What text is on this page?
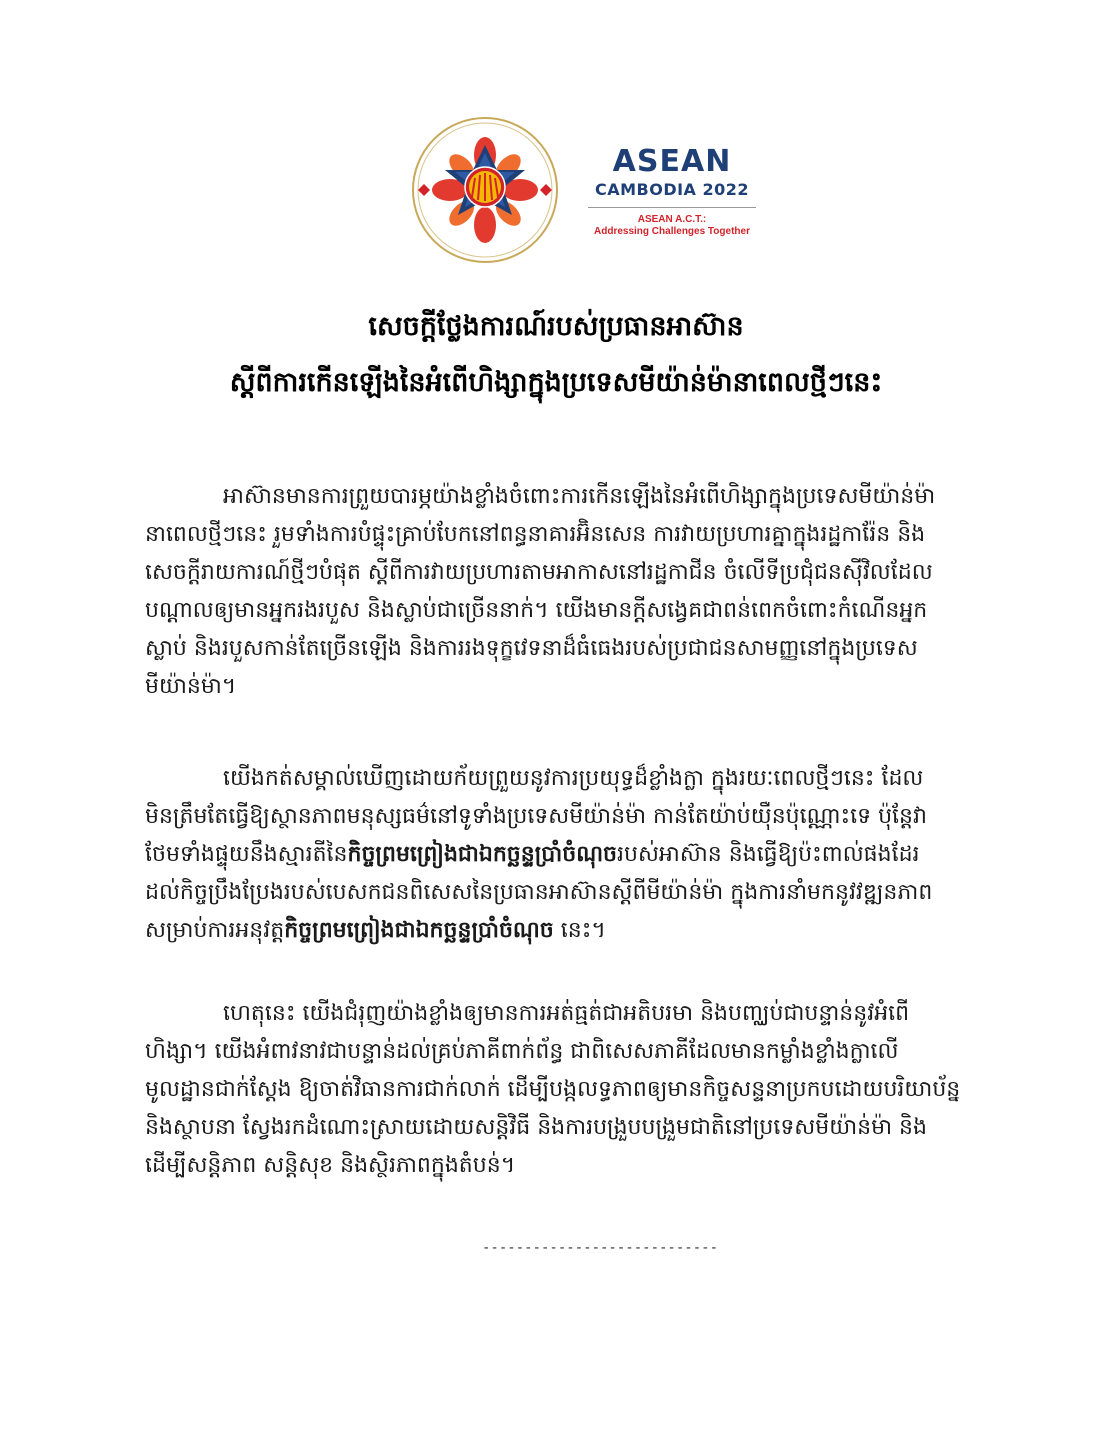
ASEAN
CAMBODIA 2022
ASEAN A.C.T.:
Addressing Challenges Together
សេចក្តីថ្លែងការណ៍របស់ប្រធានអាស៊ាន
ស្តីពីការកើនឡើងនៃអំពើហិង្សាក្នុងប្រទេសមីយ៉ាន់ម៉ានាពេលថ្មីៗនេះ
អាស៊ានមានការព្រួយបារម្ភយ៉ាងខ្លាំងចំពោះការកើនឡើងនៃអំពើហិង្សាក្នុងប្រទេសមីយ៉ាន់ម៉ា
នាពេលថ្មីៗនេះ រួមទាំងការបំផ្ទុះគ្រាប់បែកនៅពន្ធនាគារអ៊ិនសេន ការវាយប្រហារគ្នាក្នុងរដ្ឋការ៉ែន និង
សេចក្តីរាយការណ៍ថ្មីៗបំផុត ស្តីពីការវាយប្រហារតាមអាកាសនៅរដ្ឋកាជីន ចំលើទីប្រជុំជនស៊ីវិលដែល
បណ្តាលឲ្យមានអ្នករងរបួស និងស្លាប់ជាច្រើននាក់។ យើងមានក្តីសង្វេគជាពន់ពេកចំពោះកំណើនអ្នក
ស្លាប់ និងរបួសកាន់តែច្រើនឡើង និងការរងទុក្ខវេទនាដ៏ធំធេងរបស់ប្រជាជនសាមញ្ញនៅក្នុងប្រទេស
មីយ៉ាន់ម៉ា។
យើងកត់សម្គាល់ឃើញដោយក័យព្រួយនូវការប្រយុទ្ធដ៏ខ្លាំងក្លា ក្នុងរយៈពេលថ្មីៗនេះ ដែល
មិនត្រឹមតែធ្វើឱ្យស្ថានភាពមនុស្សធម៌នៅទូទាំងប្រទេសមីយ៉ាន់ម៉ា កាន់តែយ៉ាប់យ៉ឺនប៉ុណ្ណោះទេ ប៉ុន្តែវា
ថែមទាំងផ្ទុយនឹងស្មារតីនៃកិច្ចព្រមព្រៀងជាឯកច្ឆន្ទប្រាំចំណុចរបស់អាស៊ាន និងធ្វើឱ្យប៉ះពាល់ផងដែរ
ដល់កិច្ចប្រឹងប្រែងរបស់បេសកជនពិសេសនៃប្រធានអាស៊ានស្តីពីមីយ៉ាន់ម៉ា ក្នុងការនាំមកនូវវឌ្ឍនភាព
សម្រាប់ការអនុវត្តកិច្ចព្រមព្រៀងជាឯកច្ឆន្ទប្រាំចំណុច នេះ។
ហេតុនេះ យើងជំរុញយ៉ាងខ្លាំងឲ្យមានការអត់ធ្មត់ជាអតិបរមា និងបញ្ឈប់ជាបន្ទាន់នូវអំពើ
ហិង្សា។ យើងអំពាវនាវជាបន្ទាន់ដល់គ្រប់ភាគីពាក់ព័ន្ធ ជាពិសេសភាគីដែលមានកម្លាំងខ្លាំងក្លាលើ
មូលដ្ឋានជាក់ស្តែង ឱ្យចាត់វិធានការជាក់លាក់ ដើម្បីបង្កលទ្ធភាពឲ្យមានកិច្ចសន្ទនាប្រកបដោយបរិយាប័ន្ន
និងស្ថាបនា ស្វែងរកដំណោះស្រាយដោយសន្តិវិធី និងការបង្រួបបង្រួមជាតិនៅប្រទេសមីយ៉ាន់ម៉ា និង
ដើម្បីសន្តិភាព សន្តិសុខ និងស្ថិរភាពក្នុងតំបន់។
----------------------------
